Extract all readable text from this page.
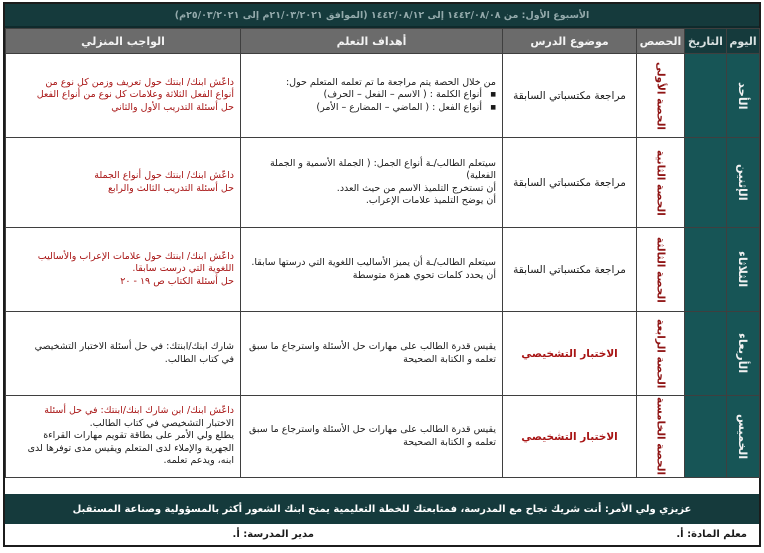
الأسبوع الأول: من ١٤٤٢/٠٨/٠٨ إلى ١٤٤٢/٠٨/١٢ (الموافق ٢١/٠٣/٢٠٢١م إلى ٢٥/٠٣/٢٠٢١م)
اليوم	التاريخ	الحصص	موضوع الدرس	أهداف التعلم	الواجب المنزلي

الأحد		الحصة الأولى	مراجعة مكتسباتي السابقة	من خلال الحصة يتم مراجعة ما تم تعلمه المتعلم حول:
■ أنواع الكلمة : ( الاسم – الفعل – الحرف)
■ أنواع الفعل : ( الماضي – المضارع – الأمر)	داعّش ابنك/ ابنتك حول تعريف وزمن كل نوع من
أنواع الفعل الثلاثة وعلامات كل نوع من أنواع الفعل
حل أسئلة التدريب الأول والثاني

الإثنين		الحصة الثانية	مراجعة مكتسباتي السابقة	سيتعلم الطالب/ـة أنواع الجمل: ( الجملة الأسمية و الجملة الفعلية)
أن تستخرج التلميذ الاسم من حيث العدد.
أن يوضح التلميذ علامات الإعراب.	داعّش ابنك/ ابنتك حول أنواع الجملة
حل أسئلة التدريب الثالث والرابع

الثلاثاء		الحصة الثالثة	مراجعة مكتسباتي السابقة	سيتعلم الطالب/ـة أن يميز الأساليب اللغوية التي درستها سابقا.
أن يحدد كلمات تحوي همزة متوسطة	داعّش ابنك/ ابنتك حول علامات الإعراب والأساليب
اللغوية التي درست سابقا.
حل أسئلة الكتاب ص ١٩ - ٢٠

الأربعاء		الحصة الرابعة	الاختبار التشخيصي	يقيس قدرة الطالب على مهارات حل الأسئلة واسترجاع ما سبق
تعلمه و الكتابة الصحيحة	شارك ابنك/ابنتك: في حل أسئلة الاختبار التشخيصي
في كتاب الطالب.

الخميس		الحصة الخامسة	الاختبار التشخيصي	يقيس قدرة الطالب على مهارات حل الأسئلة واسترجاع ما سبق
تعلمه و الكتابة الصحيحة	داعّش ابنك/ ابن شارك ابنك/ابنتك: في حل أسئلة
الاختبار التشخيصي في كتاب الطالب.
يطلع ولي الأمر على بطاقة تقويم مهارات القراءة
الجهرية والإملاء لدى المتعلم ويقيس مدى توفرها لدى
ابنه، ويدعم تعلمه.
عزيزي ولي الأمر: أنت شريك نجاح مع المدرسة، فمتابعتك للخطة التعليمية يمنح ابنك الشعور أكثر بالمسؤولية وصناعة المستقبل
معلم المادة: أ.
مدير المدرسة: أ.
